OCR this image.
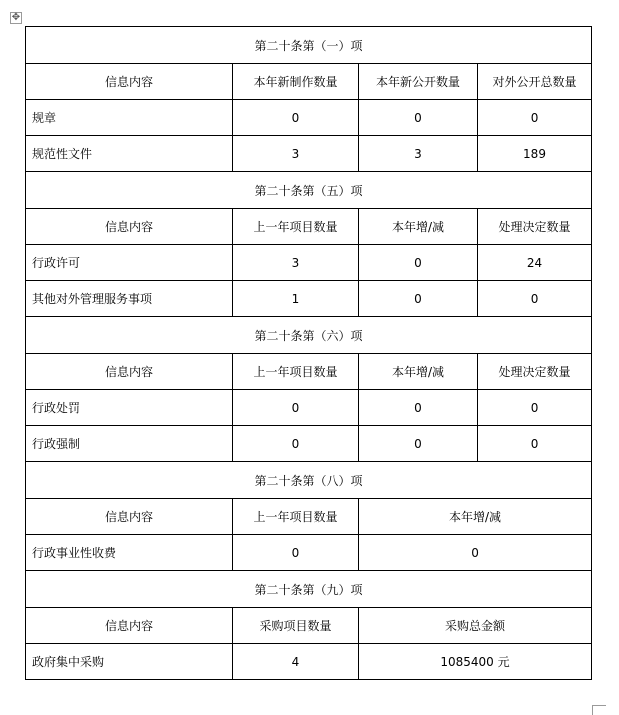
✥
第二十条第（一）项			
信息内容	本年新制作数量	本年新公开数量	对外公开总数量
规章	0	0	0
规范性文件	3	3	189
第二十条第（五）项			
信息内容	上一年项目数量	本年增/减	处理决定数量
行政许可	3	0	24
其他对外管理服务事项	1	0	0
第二十条第（六）项			
信息内容	上一年项目数量	本年增/减	处理决定数量
行政处罚	0	0	0
行政强制	0	0	0
第二十条第（八）项			
信息内容	上一年项目数量	本年增/减	
行政事业性收费	0	0	
第二十条第（九）项			
信息内容	采购项目数量	采购总金额	
政府集中采购	4	1085400 元	
